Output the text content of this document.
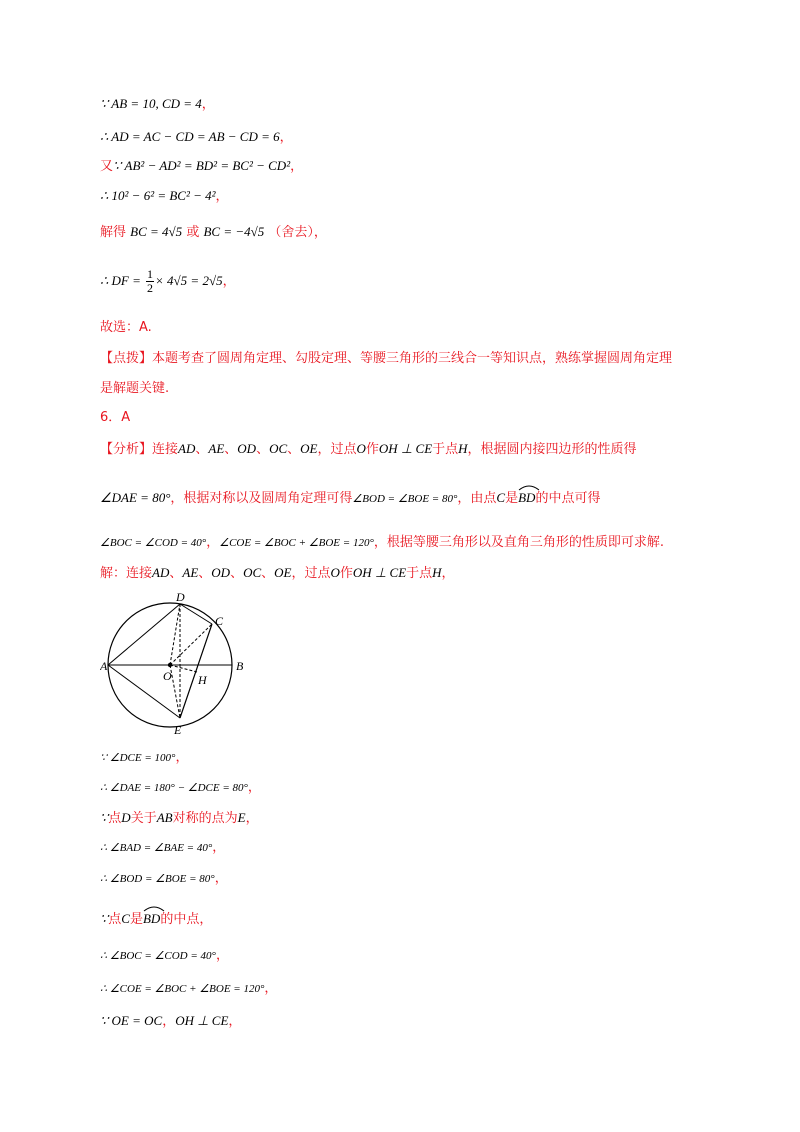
∵ AB = 10, CD = 4，
∴ AD = AC − CD = AB − CD = 6，
又∵ AB² − AD² = BD² = BC² − CD²，
∴ 10² − 6² = BC² − 4²，
解得 BC = 4√5 或 BC = −4√5 （舍去），
∴ DF = $\frac{1}{2} \times 4√5 = 2√5$，
故选：A.
【点拨】本题考查了圆周角定理、勾股定理、等腰三角形的三线合一等知识点，熟练掌握圆周角定理
是解题关键.
6．A
【分析】连接AD、AE、OD、OC、OE，过点O作OH ⊥ CE于点H，根据圆内接四边形的性质得
∠DAE = 80°，根据对称以及圆周角定理可得∠BOD = ∠BOE = 80°，由点C是
BD的中点可得
∠BOC = ∠COD = 40°，∠COE = ∠BOC + ∠BOE = 120°，根据等腰三角形以及直角三角形的性质即可求解.
解：连接AD、AE、OD、OC、OE，过点O作OH ⊥ CE于点H，
A	B
C
D
E
O H
∵ ∠DCE = 100°，
∴ ∠DAE = 180° − ∠DCE = 80°，
∵点D关于AB对称的点为E，
∴ ∠BAD = ∠BAE = 40°，
∴ ∠BOD = ∠BOE = 80°，
∵点C是
BD的中点，
∴ ∠BOC = ∠COD = 40°，
∴ ∠COE = ∠BOC + ∠BOE = 120°，
∵ OE = OC，OH ⊥ CE，
